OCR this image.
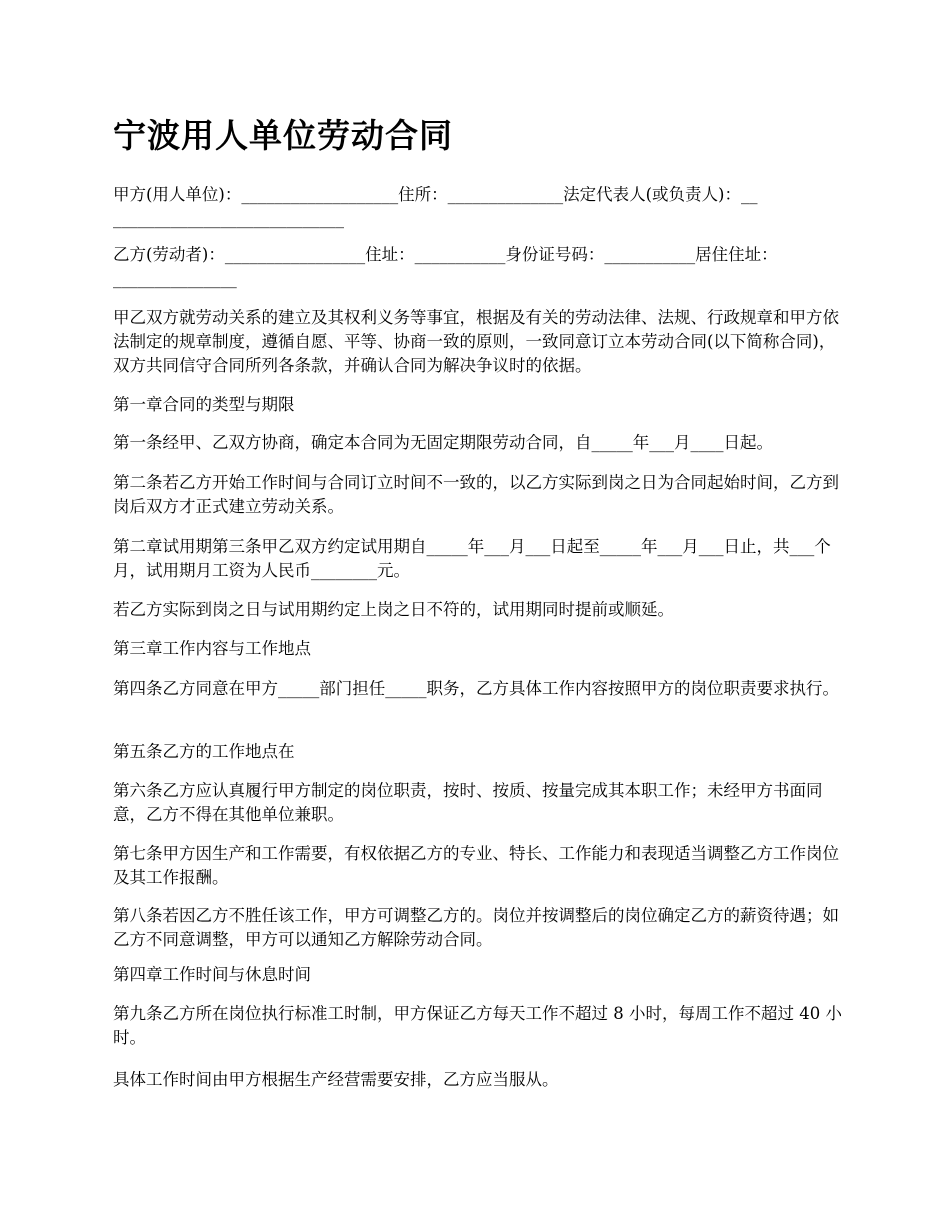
宁波用人单位劳动合同

甲方(用人单位)：___________________住所：______________法定代表人(或负责人)：__ ____________________________

乙方(劳动者)：_________________住址：___________身份证号码：___________居住住址：_______________

甲乙双方就劳动关系的建立及其权利义务等事宜，根据及有关的劳动法律、法规、行政规章和甲方依法制定的规章制度，遵循自愿、平等、协商一致的原则，一致同意订立本劳动合同(以下简称合同)，双方共同信守合同所列各条款，并确认合同为解决争议时的依据。

第一章合同的类型与期限

第一条经甲、乙双方协商，确定本合同为无固定期限劳动合同，自_____年___月____日起。

第二条若乙方开始工作时间与合同订立时间不一致的，以乙方实际到岗之日为合同起始时间，乙方到岗后双方才正式建立劳动关系。

第二章试用期第三条甲乙双方约定试用期自_____年___月___日起至_____年___月___日止，共___个月，试用期月工资为人民币________元。

若乙方实际到岗之日与试用期约定上岗之日不符的，试用期同时提前或顺延。

第三章工作内容与工作地点

第四条乙方同意在甲方_____部门担任_____职务，乙方具体工作内容按照甲方的岗位职责要求执行。

第五条乙方的工作地点在

第六条乙方应认真履行甲方制定的岗位职责，按时、按质、按量完成其本职工作；未经甲方书面同意，乙方不得在其他单位兼职。

第七条甲方因生产和工作需要，有权依据乙方的专业、特长、工作能力和表现适当调整乙方工作岗位及其工作报酬。

第八条若因乙方不胜任该工作，甲方可调整乙方的。岗位并按调整后的岗位确定乙方的薪资待遇；如乙方不同意调整，甲方可以通知乙方解除劳动合同。

第四章工作时间与休息时间

第九条乙方所在岗位执行标准工时制，甲方保证乙方每天工作不超过 8 小时，每周工作不超过 40 小时。

具体工作时间由甲方根据生产经营需要安排，乙方应当服从。
